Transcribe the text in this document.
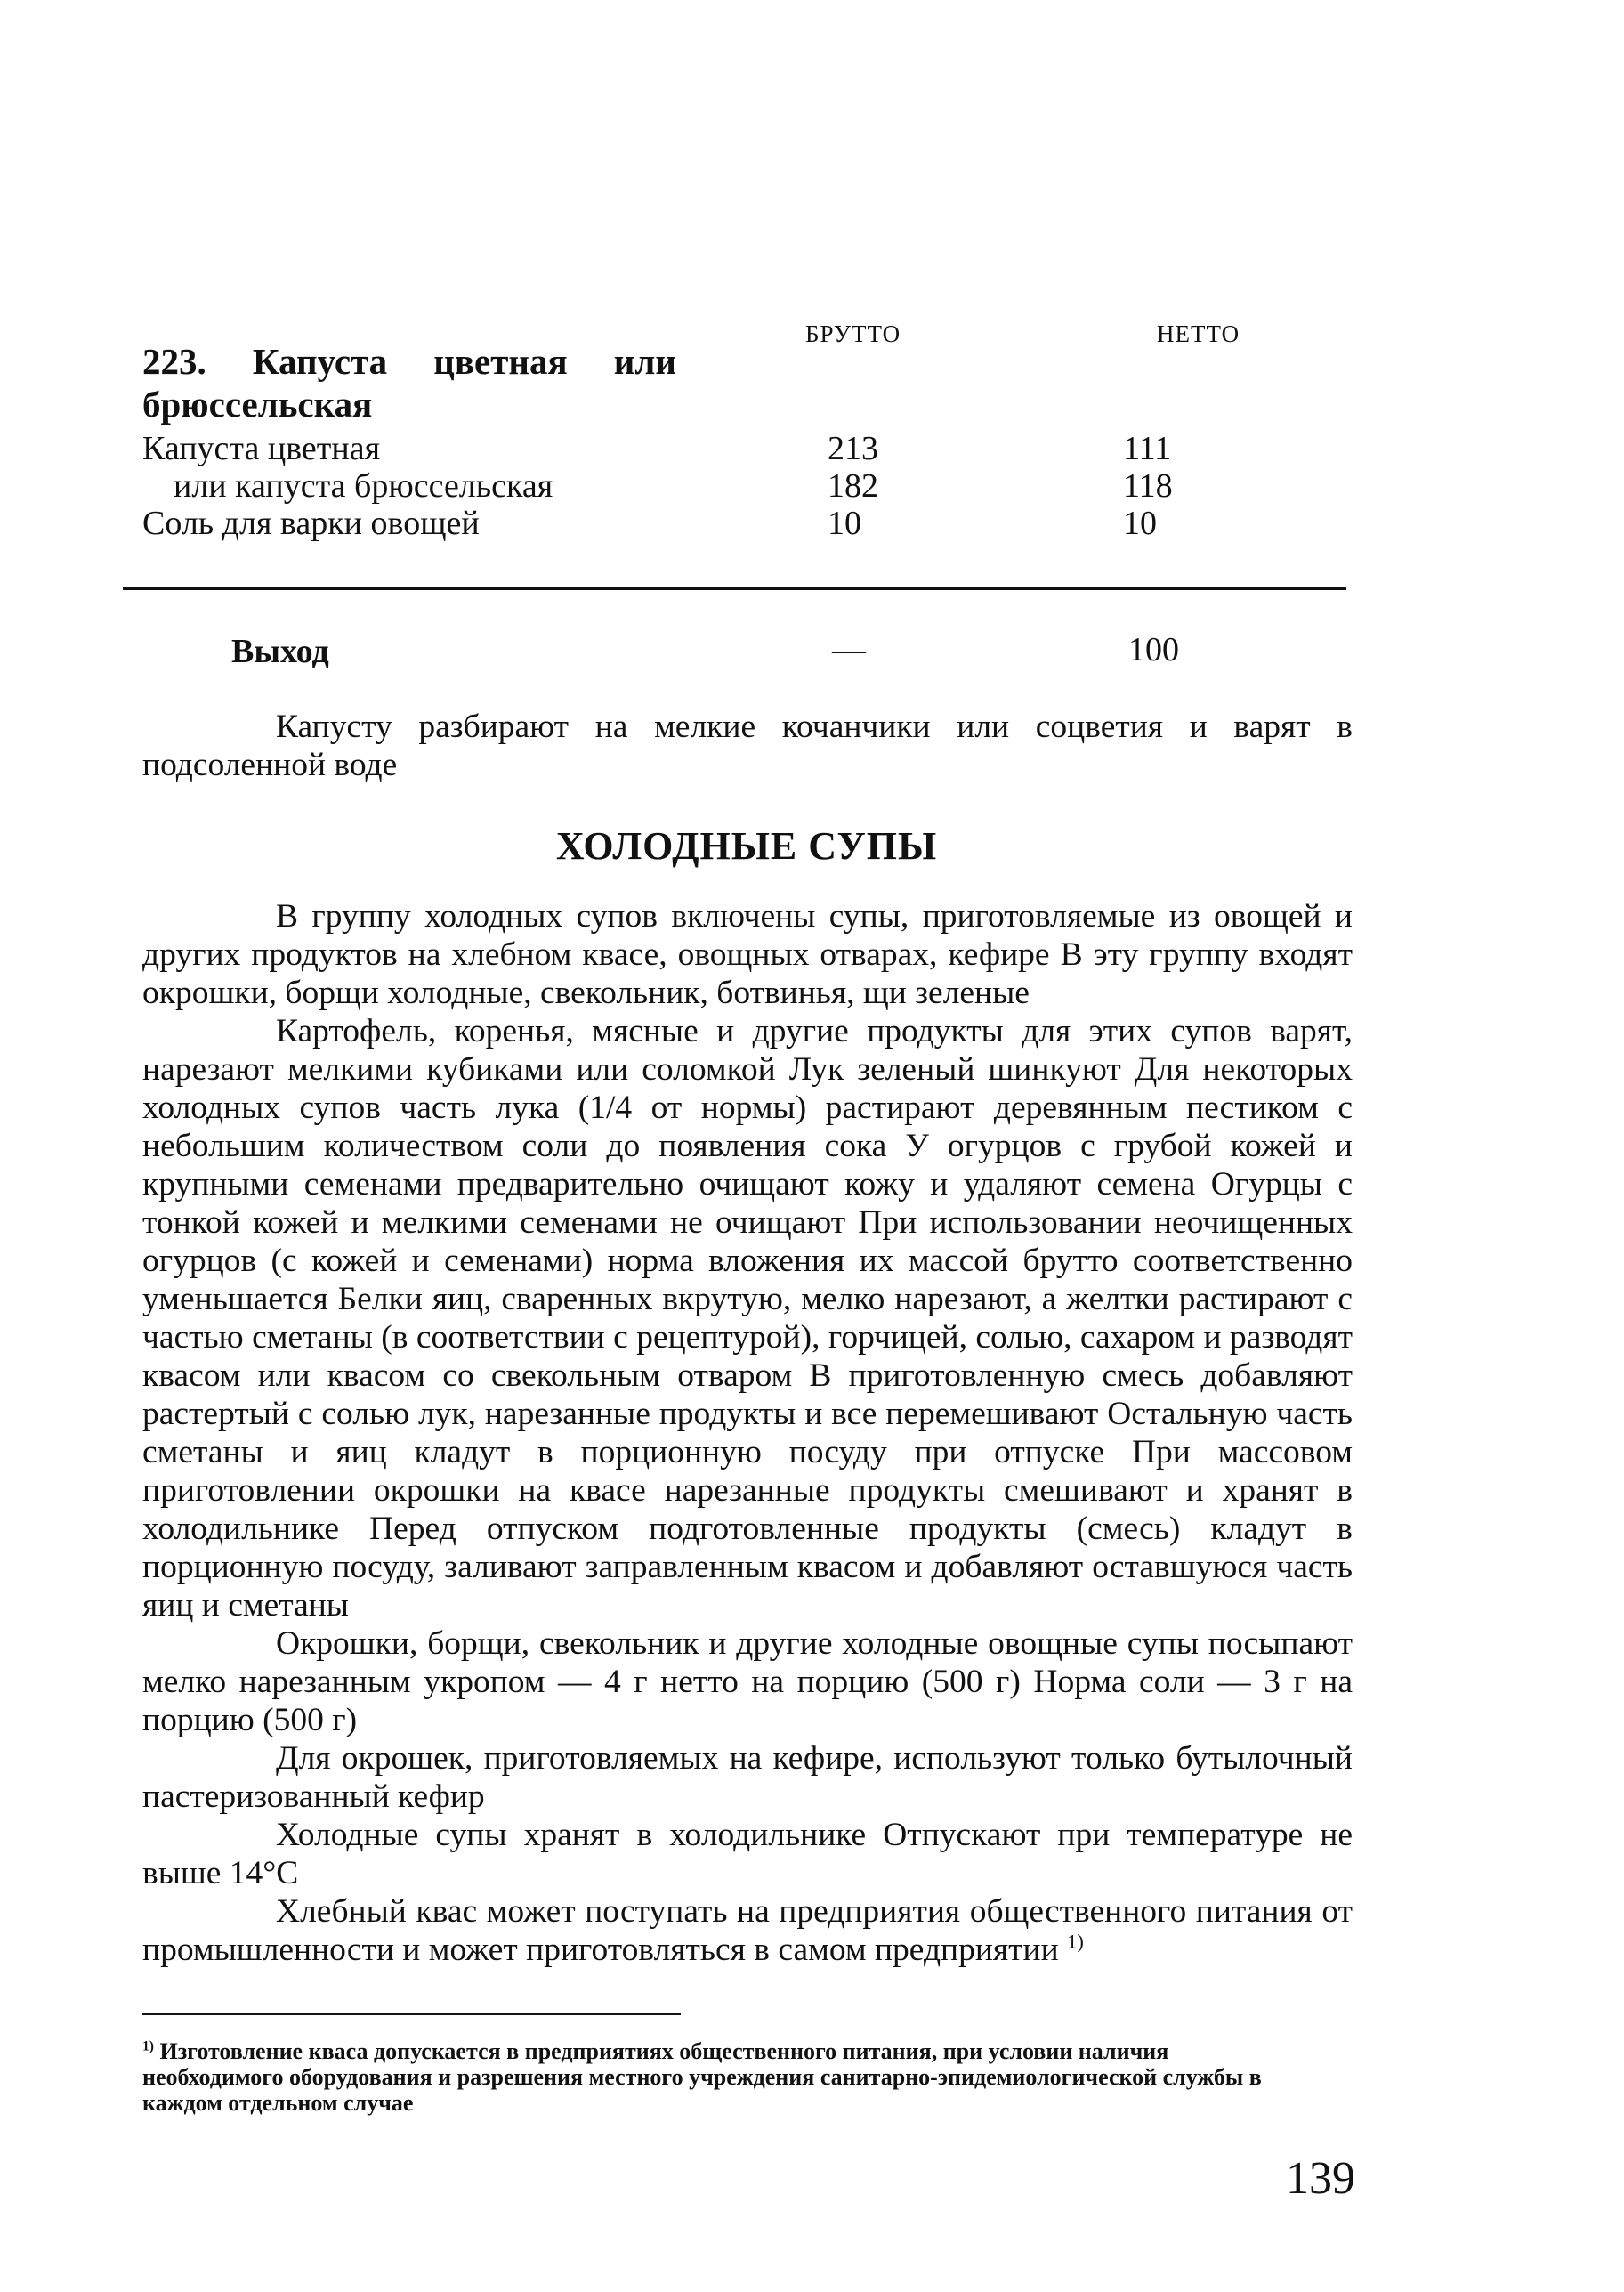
БРУТТО	НЕТТО
223. Капуста цветная или
брюссельская
Капуста цветная	213	111
или капуста брюссельская	182	118
Соль для варки овощей	10	10
Выход	—	100

Капусту разбирают на мелкие кочанчики или соцветия и варят в подсоленной воде

ХОЛОДНЫЕ СУПЫ

В группу холодных супов включены супы, приготовляемые из овощей и других продуктов на хлебном квасе, овощных отварах, кефире В эту группу входят окрошки, борщи холодные, свекольник, ботвинья, щи зеленые

Картофель, коренья, мясные и другие продукты для этих супов варят, нарезают мелкими кубиками или соломкой Лук зеленый шинкуют Для некоторых холодных супов часть лука (1/4 от нормы) растирают деревянным пестиком с небольшим количеством соли до появления сока У огурцов с грубой кожей и крупными семенами предварительно очищают кожу и удаляют семена Огурцы с тонкой кожей и мелкими семенами не очищают При использовании неочищенных огурцов (с кожей и семенами) норма вложения их массой брутто соответственно уменьшается Белки яиц, сваренных вкрутую, мелко нарезают, а желтки растирают с частью сметаны (в соответствии с рецептурой), горчицей, солью, сахаром и разводят квасом или квасом со свекольным отваром В приготовленную смесь добавляют растертый с солью лук, нарезанные продукты и все перемешивают Остальную часть сметаны и яиц кладут в порционную посуду при отпуске При массовом приготовлении окрошки на квасе нарезанные продукты смешивают и хранят в холодильнике Перед отпуском подготовленные продукты (смесь) кладут в порционную посуду, заливают заправленным квасом и добавляют оставшуюся часть яиц и сметаны

Окрошки, борщи, свекольник и другие холодные овощные супы посыпают мелко нарезанным укропом — 4 г нетто на порцию (500 г) Норма соли — 3 г на порцию (500 г)

Для окрошек, приготовляемых на кефире, используют только бутылочный пастеризованный кефир

Холодные супы хранят в холодильнике Отпускают при температуре не выше 14°C

Хлебный квас может поступать на предприятия общественного питания от промышленности и может приготовляться в самом предприятии $^{1)}$

$^{1)}$ Изготовление кваса допускается в предприятиях общественного питания, при условии наличия необходимого оборудования и разрешения местного учреждения санитарно-эпидемиологической службы в каждом отдельном случае
139
